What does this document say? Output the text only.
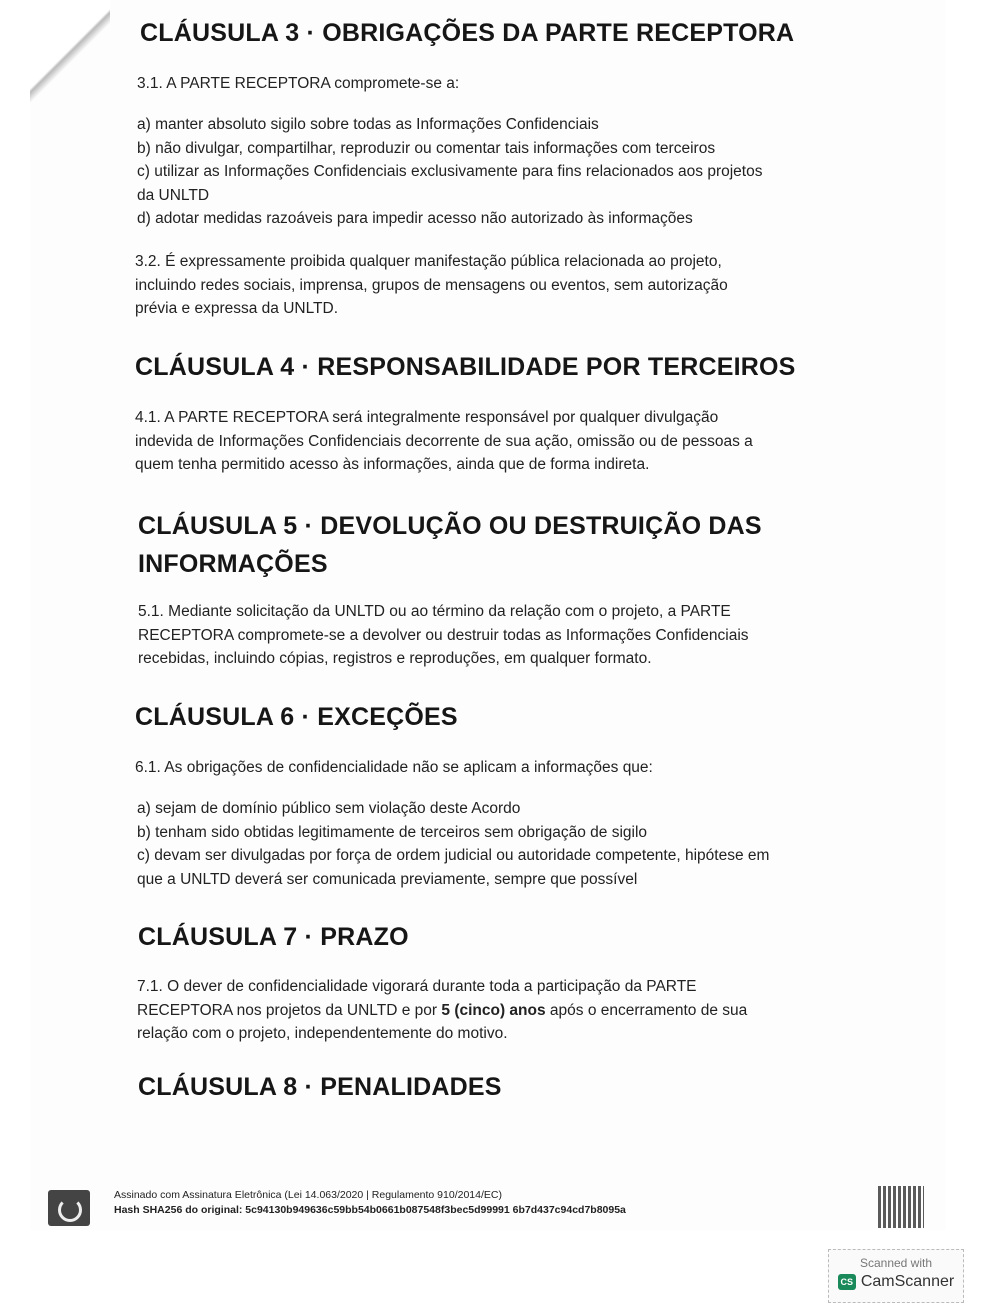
CLÁUSULA 3 · OBRIGAÇÕES DA PARTE RECEPTORA
3.1. A PARTE RECEPTORA compromete-se a:
a) manter absoluto sigilo sobre todas as Informações Confidenciais
b) não divulgar, compartilhar, reproduzir ou comentar tais informações com terceiros
c) utilizar as Informações Confidenciais exclusivamente para fins relacionados aos projetos
da UNLTD
d) adotar medidas razoáveis para impedir acesso não autorizado às informações
3.2. É expressamente proibida qualquer manifestação pública relacionada ao projeto,
incluindo redes sociais, imprensa, grupos de mensagens ou eventos, sem autorização
prévia e expressa da UNLTD.
CLÁUSULA 4 · RESPONSABILIDADE POR TERCEIROS
4.1. A PARTE RECEPTORA será integralmente responsável por qualquer divulgação
indevida de Informações Confidenciais decorrente de sua ação, omissão ou de pessoas a
quem tenha permitido acesso às informações, ainda que de forma indireta.
CLÁUSULA 5 · DEVOLUÇÃO OU DESTRUIÇÃO DAS
INFORMAÇÕES
5.1. Mediante solicitação da UNLTD ou ao término da relação com o projeto, a PARTE
RECEPTORA compromete-se a devolver ou destruir todas as Informações Confidenciais
recebidas, incluindo cópias, registros e reproduções, em qualquer formato.
CLÁUSULA 6 · EXCEÇÕES
6.1. As obrigações de confidencialidade não se aplicam a informações que:
a) sejam de domínio público sem violação deste Acordo
b) tenham sido obtidas legitimamente de terceiros sem obrigação de sigilo
c) devam ser divulgadas por força de ordem judicial ou autoridade competente, hipótese em
que a UNLTD deverá ser comunicada previamente, sempre que possível
CLÁUSULA 7 · PRAZO
7.1. O dever de confidencialidade vigorará durante toda a participação da PARTE
RECEPTORA nos projetos da UNLTD e por 5 (cinco) anos após o encerramento de sua
relação com o projeto, independentemente do motivo.
CLÁUSULA 8 · PENALIDADES
Assinado com Assinatura Eletrônica (Lei 14.063/2020 | Regulamento 910/2014/EC)
Hash SHA256 do original: 5c94130b949636c59bb54b0661b087548f3bec5d99991 6b7d437c94cd7b8095a

Scanned with
CS CamScanner
